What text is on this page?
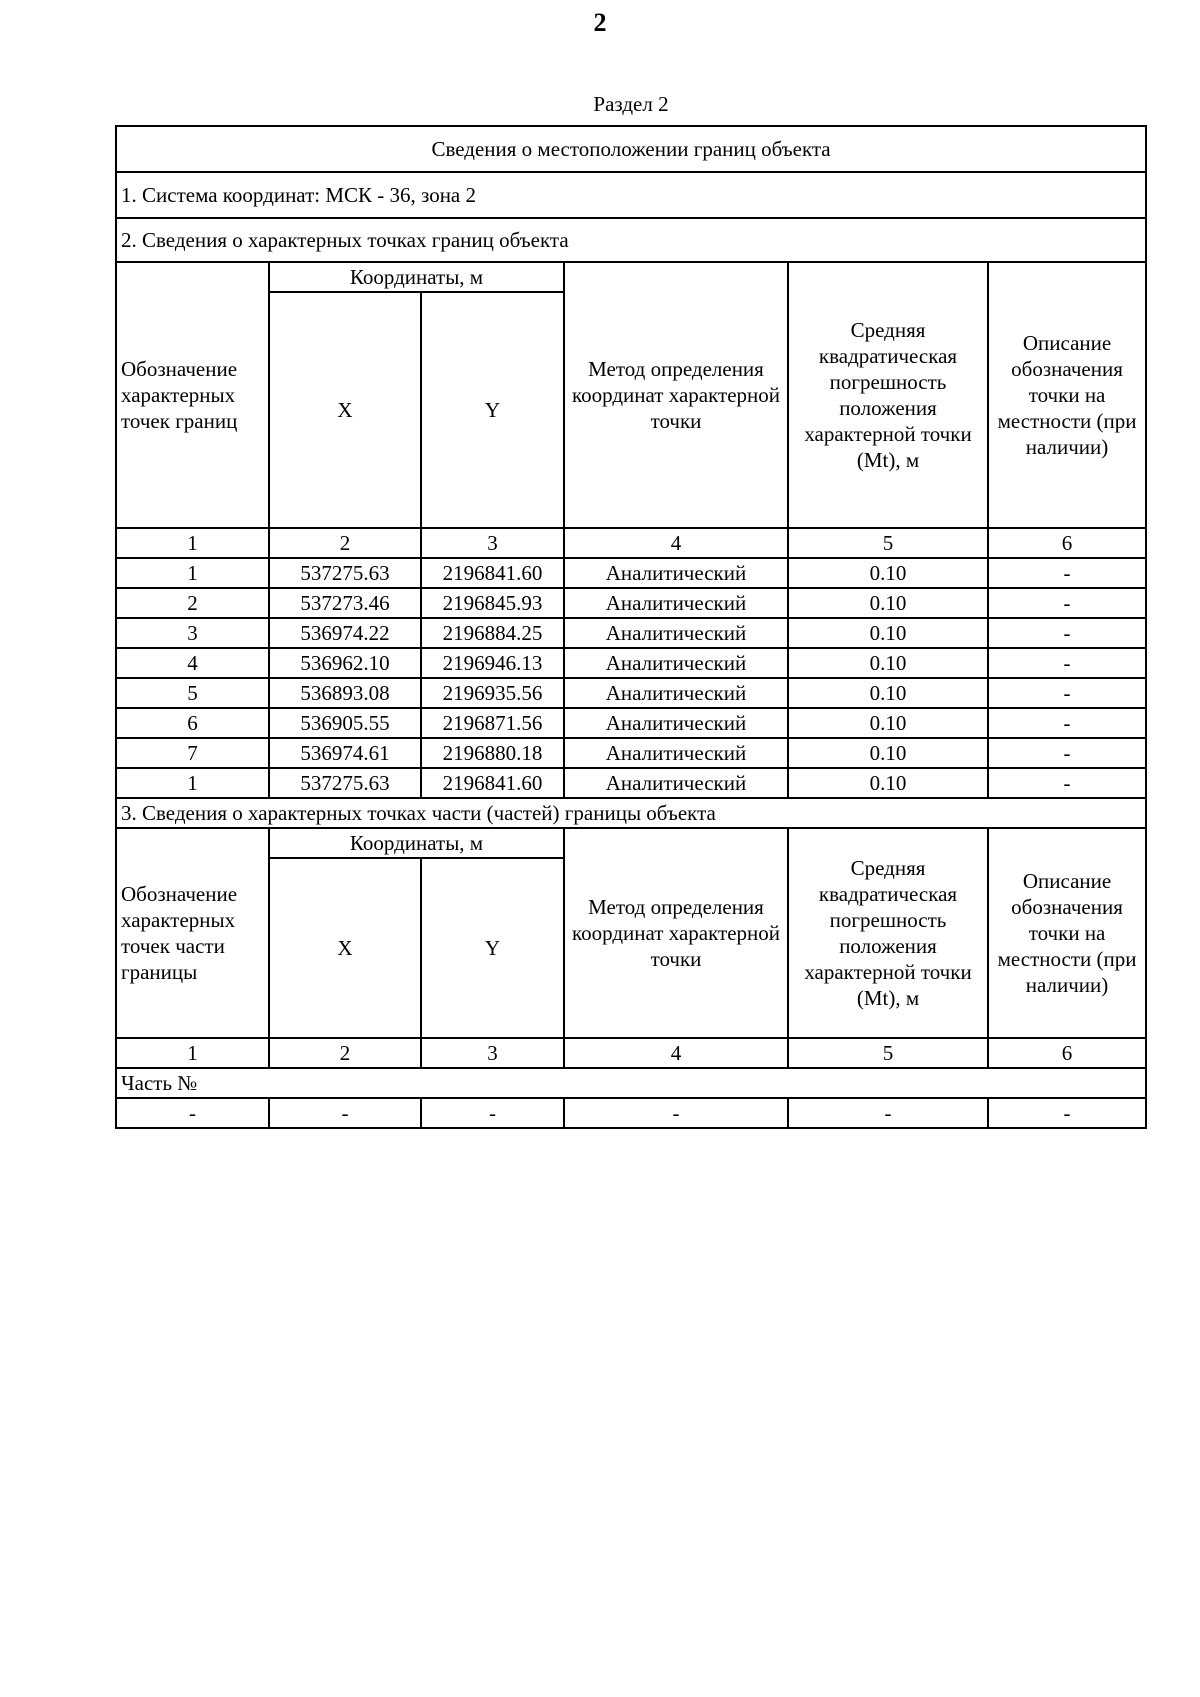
2
Раздел 2
Сведения о местоположении границ объекта					
1. Система координат: МСК - 36, зона 2					
2. Сведения о характерных точках границ объекта					
Обозначение характерных точек границ	Координаты, м		Метод определения координат характерной точки	Средняя квадратическая погрешность положения характерной точки (Mt), м	Описание обозначения точки на местности (при наличии)
	X	Y			
1	2	3	4	5	6
1	537275.63	2196841.60	Аналитический	0.10	-
2	537273.46	2196845.93	Аналитический	0.10	-
3	536974.22	2196884.25	Аналитический	0.10	-
4	536962.10	2196946.13	Аналитический	0.10	-
5	536893.08	2196935.56	Аналитический	0.10	-
6	536905.55	2196871.56	Аналитический	0.10	-
7	536974.61	2196880.18	Аналитический	0.10	-
1	537275.63	2196841.60	Аналитический	0.10	-
3. Сведения о характерных точках части (частей) границы объекта					
Обозначение характерных точек части границы	Координаты, м		Метод определения координат характерной точки	Средняя квадратическая погрешность положения характерной точки (Mt), м	Описание обозначения точки на местности (при наличии)
	X	Y			
1	2	3	4	5	6
Часть №					
-	-	-	-	-	-
